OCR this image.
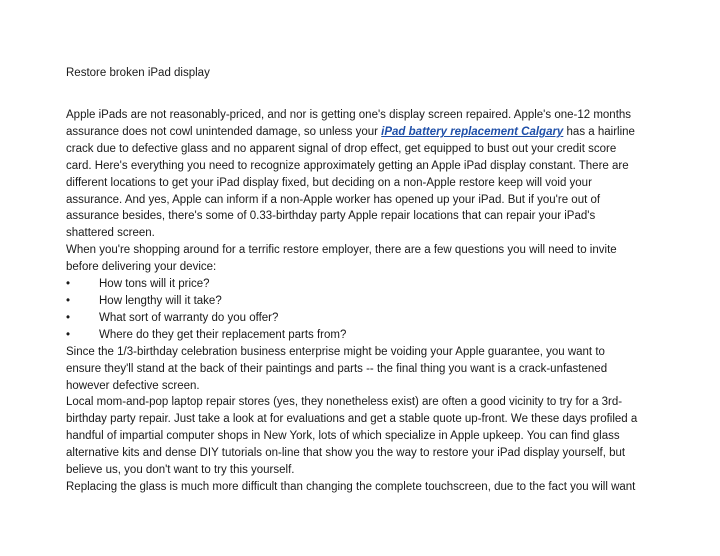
Restore broken iPad display

Apple iPads are not reasonably-priced, and nor is getting one's display screen repaired. Apple's one-12 months

assurance does not cowl unintended damage, so unless your iPad battery replacement Calgary has a hairline

crack due to defective glass and no apparent signal of drop effect, get equipped to bust out your credit score

card. Here's everything you need to recognize approximately getting an Apple iPad display constant. There are

different locations to get your iPad display fixed, but deciding on a non-Apple restore keep will void your

assurance. And yes, Apple can inform if a non-Apple worker has opened up your iPad. But if you're out of

assurance besides, there's some of 0.33-birthday party Apple repair locations that can repair your iPad's

shattered screen.

When you're shopping around for a terrific restore employer, there are a few questions you will need to invite

before delivering your device:

•	How tons will it price?
•	How lengthy will it take?
•	What sort of warranty do you offer?
•	Where do they get their replacement parts from?

Since the 1/3-birthday celebration business enterprise might be voiding your Apple guarantee, you want to

ensure they'll stand at the back of their paintings and parts -- the final thing you want is a crack-unfastened

however defective screen.

Local mom-and-pop laptop repair stores (yes, they nonetheless exist) are often a good vicinity to try for a 3rd-

birthday party repair. Just take a look at for evaluations and get a stable quote up-front. We these days profiled a

handful of impartial computer shops in New York, lots of which specialize in Apple upkeep. You can find glass

alternative kits and dense DIY tutorials on-line that show you the way to restore your iPad display yourself, but

believe us, you don't want to try this yourself.

Replacing the glass is much more difficult than changing the complete touchscreen, due to the fact you will want
